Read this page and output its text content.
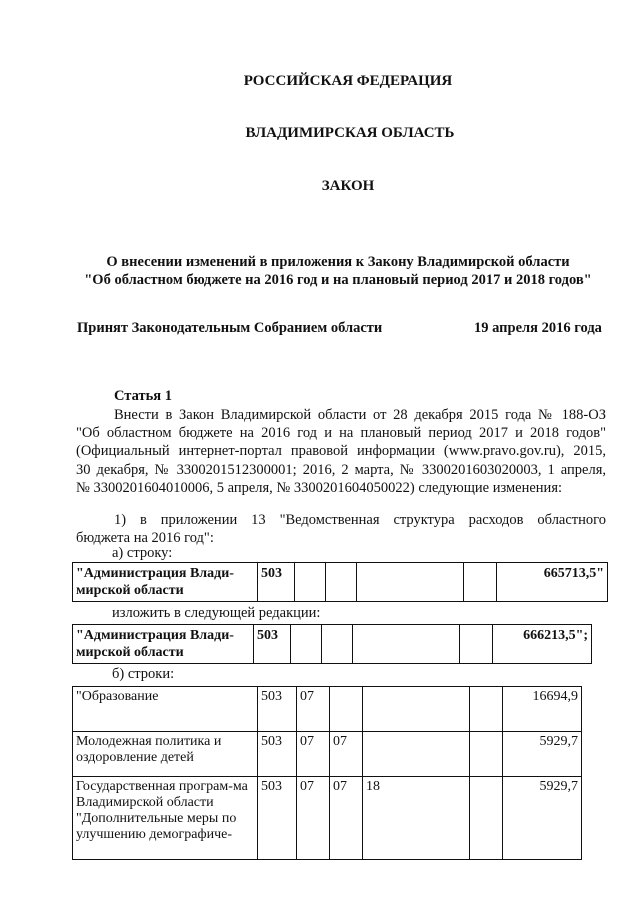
РОССИЙСКАЯ ФЕДЕРАЦИЯ
ВЛАДИМИРСКАЯ ОБЛАСТЬ
ЗАКОН
О внесении изменений в приложения к Закону Владимирской области
"Об областном бюджете на 2016 год и на плановый период 2017 и 2018 годов"
Принят Законодательным Собранием области	19 апреля 2016 года
Статья 1
Внести в Закон Владимирской области от 28 декабря 2015 года № 188-ОЗ
"Об областном бюджете на 2016 год и на плановый период 2017 и 2018 годов"
(Официальный интернет-портал правовой информации (www.pravo.gov.ru), 2015,
30 декабря, № 3300201512300001; 2016, 2 марта, № 3300201603020003, 1 апреля,
№ 3300201604010006, 5 апреля, № 3300201604050022) следующие изменения:
1) в приложении 13 "Ведомственная структура расходов областного
бюджета на 2016 год":
а) строку:
"Администрация Влади-мирской области	503					665713,5"
изложить в следующей редакции:
"Администрация Влади-мирской области	503					666213,5";
б) строки:
"Образование	503	07				16694,9
Молодежная политика и оздоровление детей	503	07	07			5929,7
Государственная програм-ма Владимирской области "Дополнительные меры по улучшению демографиче-	503	07	07	18		5929,7
